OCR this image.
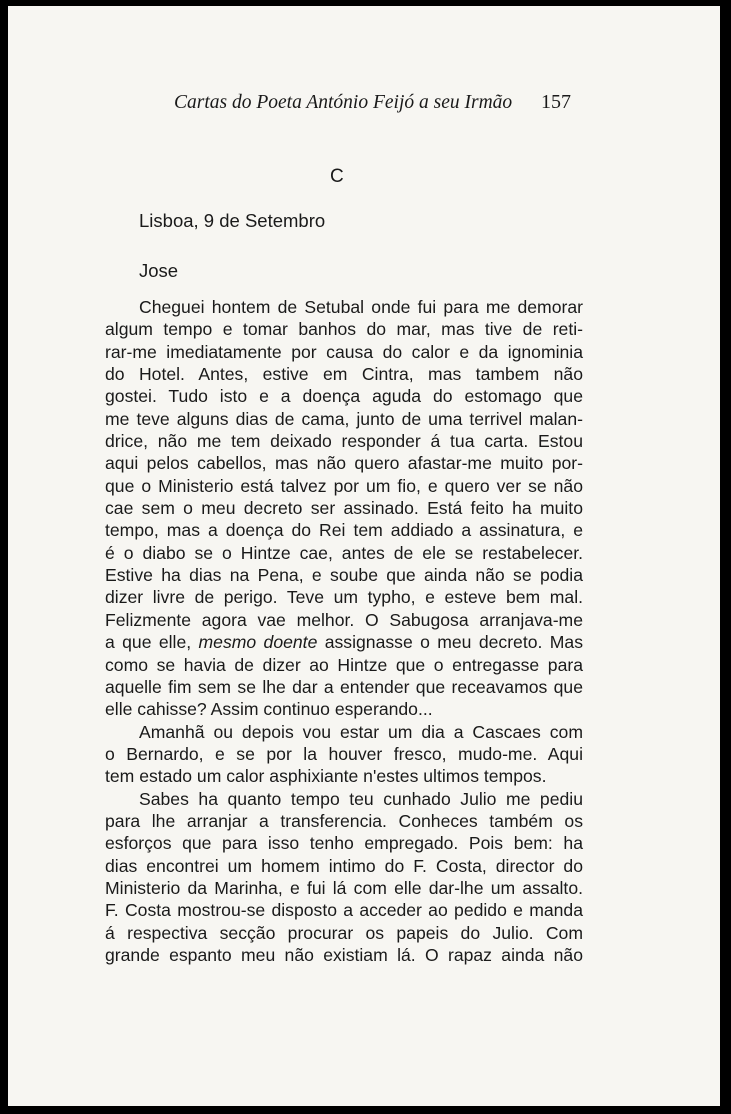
Cartas do Poeta António Feijó a seu Irmão 157
C
Lisboa, 9 de Setembro
Jose
Cheguei hontem de Setubal onde fui para me demorar
algum tempo e tomar banhos do mar, mas tive de reti-
rar-me imediatamente por causa do calor e da ignominia
do Hotel. Antes, estive em Cintra, mas tambem não
gostei. Tudo isto e a doença aguda do estomago que
me teve alguns dias de cama, junto de uma terrivel malan-
drice, não me tem deixado responder á tua carta. Estou
aqui pelos cabellos, mas não quero afastar-me muito por-
que o Ministerio está talvez por um fio, e quero ver se não
cae sem o meu decreto ser assinado. Está feito ha muito
tempo, mas a doença do Rei tem addiado a assinatura, e
é o diabo se o Hintze cae, antes de ele se restabelecer.
Estive ha dias na Pena, e soube que ainda não se podia
dizer livre de perigo. Teve um typho, e esteve bem mal.
Felizmente agora vae melhor. O Sabugosa arranjava-me
a que elle, mesmo doente assignasse o meu decreto. Mas
como se havia de dizer ao Hintze que o entregasse para
aquelle fim sem se lhe dar a entender que receavamos que
elle cahisse? Assim continuo esperando...
Amanhã ou depois vou estar um dia a Cascaes com
o Bernardo, e se por la houver fresco, mudo-me. Aqui
tem estado um calor asphixiante n'estes ultimos tempos.
Sabes ha quanto tempo teu cunhado Julio me pediu
para lhe arranjar a transferencia. Conheces também os
esforços que para isso tenho empregado. Pois bem: ha
dias encontrei um homem intimo do F. Costa, director do
Ministerio da Marinha, e fui lá com elle dar-lhe um assalto.
F. Costa mostrou-se disposto a acceder ao pedido e manda
á respectiva secção procurar os papeis do Julio. Com
grande espanto meu não existiam lá. O rapaz ainda não
